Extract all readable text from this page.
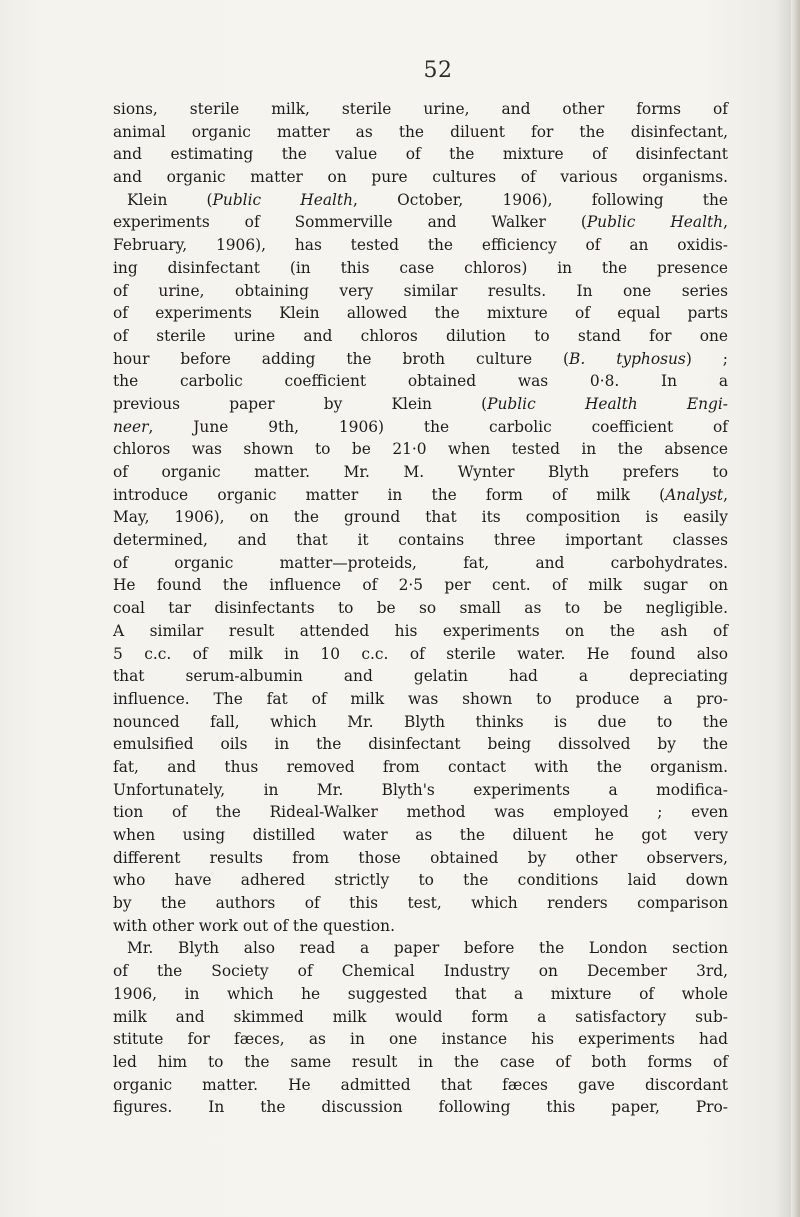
52
sions, sterile milk, sterile urine, and other forms of
animal organic matter as the diluent for the disinfectant,
and estimating the value of the mixture of disinfectant
and organic matter on pure cultures of various organisms.
Klein (Public Health, October, 1906), following the
experiments of Sommerville and Walker (Public Health,
February, 1906), has tested the efficiency of an oxidis-
ing disinfectant (in this case chloros) in the presence
of urine, obtaining very similar results. In one series
of experiments Klein allowed the mixture of equal parts
of sterile urine and chloros dilution to stand for one
hour before adding the broth culture (B. typhosus) ;
the carbolic coefficient obtained was 0·8. In a
previous paper by Klein (Public Health Engi-
neer, June 9th, 1906) the carbolic coefficient of
chloros was shown to be 21·0 when tested in the absence
of organic matter. Mr. M. Wynter Blyth prefers to
introduce organic matter in the form of milk (Analyst,
May, 1906), on the ground that its composition is easily
determined, and that it contains three important classes
of organic matter—proteids, fat, and carbohydrates.
He found the influence of 2·5 per cent. of milk sugar on
coal tar disinfectants to be so small as to be negligible.
A similar result attended his experiments on the ash of
5 c.c. of milk in 10 c.c. of sterile water. He found also
that serum-albumin and gelatin had a depreciating
influence. The fat of milk was shown to produce a pro-
nounced fall, which Mr. Blyth thinks is due to the
emulsified oils in the disinfectant being dissolved by the
fat, and thus removed from contact with the organism.
Unfortunately, in Mr. Blyth's experiments a modifica-
tion of the Rideal-Walker method was employed ; even
when using distilled water as the diluent he got very
different results from those obtained by other observers,
who have adhered strictly to the conditions laid down
by the authors of this test, which renders comparison
with other work out of the question.
Mr. Blyth also read a paper before the London section
of the Society of Chemical Industry on December 3rd,
1906, in which he suggested that a mixture of whole
milk and skimmed milk would form a satisfactory sub-
stitute for fæces, as in one instance his experiments had
led him to the same result in the case of both forms of
organic matter. He admitted that fæces gave discordant
figures. In the discussion following this paper, Pro-
